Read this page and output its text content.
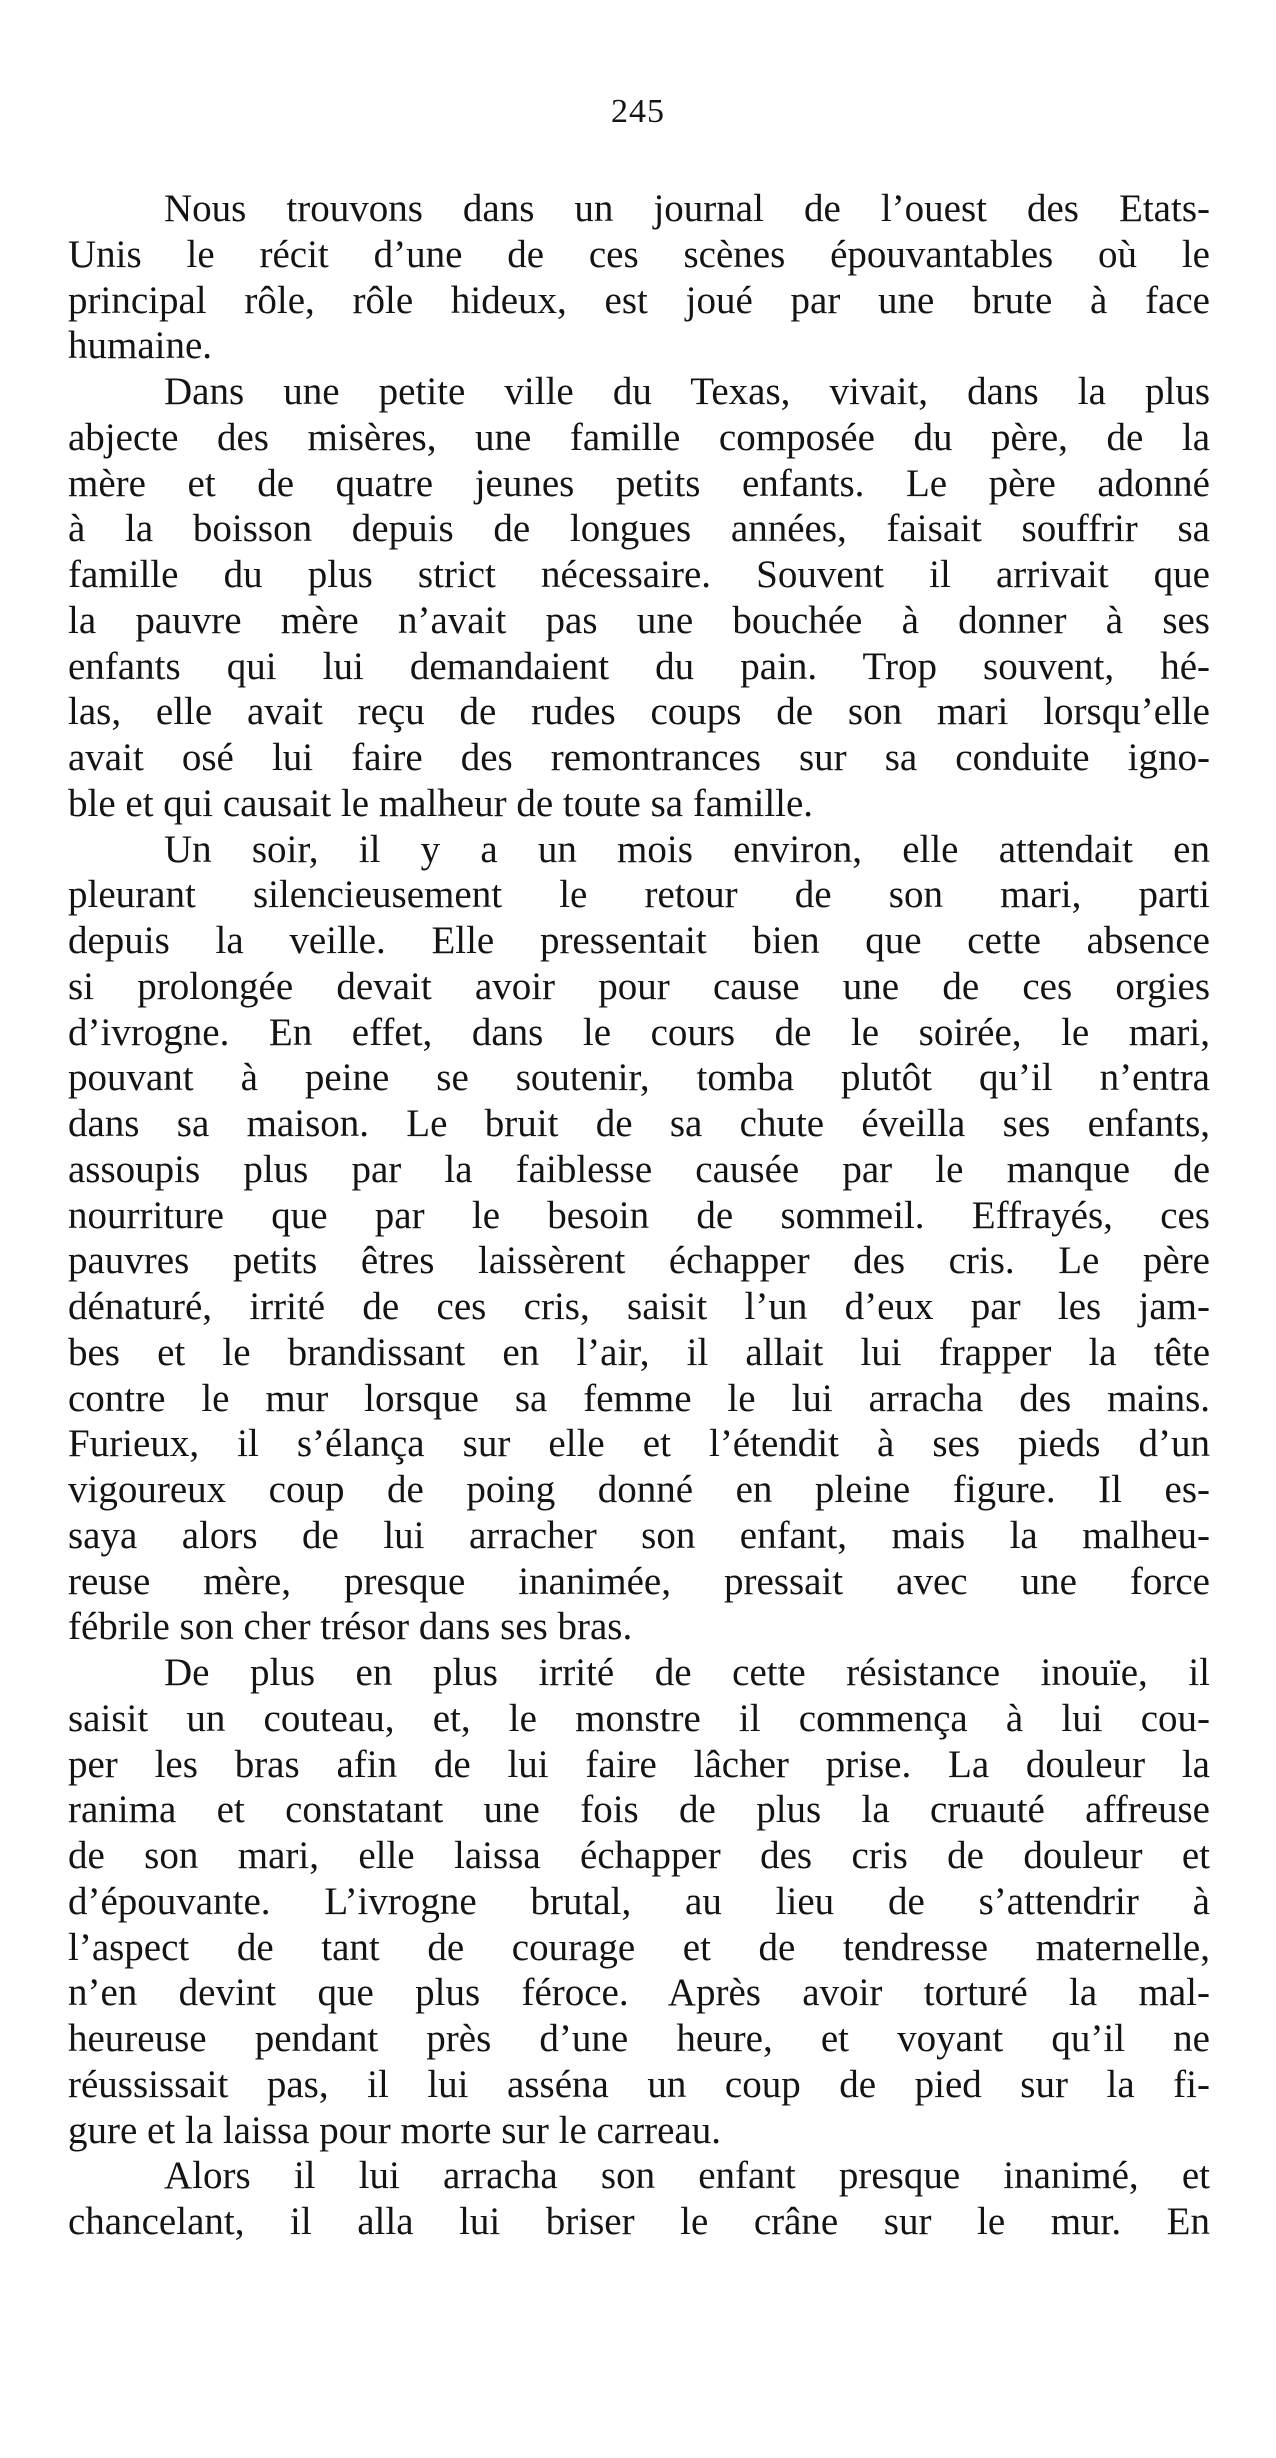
245
Nous trouvons dans un journal de l’ouest des Etats-
Unis le récit d’une de ces scènes épouvantables où le
principal rôle, rôle hideux, est joué par une brute à face
humaine.
Dans une petite ville du Texas, vivait, dans la plus
abjecte des misères, une famille composée du père, de la
mère et de quatre jeunes petits enfants. Le père adonné
à la boisson depuis de longues années, faisait souffrir sa
famille du plus strict nécessaire. Souvent il arrivait que
la pauvre mère n’avait pas une bouchée à donner à ses
enfants qui lui demandaient du pain. Trop souvent, hé-
las, elle avait reçu de rudes coups de son mari lorsqu’elle
avait osé lui faire des remontrances sur sa conduite igno-
ble et qui causait le malheur de toute sa famille.
Un soir, il y a un mois environ, elle attendait en
pleurant silencieusement le retour de son mari, parti
depuis la veille. Elle pressentait bien que cette absence
si prolongée devait avoir pour cause une de ces orgies
d’ivrogne. En effet, dans le cours de le soirée, le mari,
pouvant à peine se soutenir, tomba plutôt qu’il n’entra
dans sa maison. Le bruit de sa chute éveilla ses enfants,
assoupis plus par la faiblesse causée par le manque de
nourriture que par le besoin de sommeil. Effrayés, ces
pauvres petits êtres laissèrent échapper des cris. Le père
dénaturé, irrité de ces cris, saisit l’un d’eux par les jam-
bes et le brandissant en l’air, il allait lui frapper la tête
contre le mur lorsque sa femme le lui arracha des mains.
Furieux, il s’élança sur elle et l’étendit à ses pieds d’un
vigoureux coup de poing donné en pleine figure. Il es-
saya alors de lui arracher son enfant, mais la malheu-
reuse mère, presque inanimée, pressait avec une force
fébrile son cher trésor dans ses bras.
De plus en plus irrité de cette résistance inouïe, il
saisit un couteau, et, le monstre il commença à lui cou-
per les bras afin de lui faire lâcher prise. La douleur la
ranima et constatant une fois de plus la cruauté affreuse
de son mari, elle laissa échapper des cris de douleur et
d’épouvante. L’ivrogne brutal, au lieu de s’attendrir à
l’aspect de tant de courage et de tendresse maternelle,
n’en devint que plus féroce. Après avoir torturé la mal-
heureuse pendant près d’une heure, et voyant qu’il ne
réussissait pas, il lui asséna un coup de pied sur la fi-
gure et la laissa pour morte sur le carreau.
Alors il lui arracha son enfant presque inanimé, et
chancelant, il alla lui briser le crâne sur le mur. En
